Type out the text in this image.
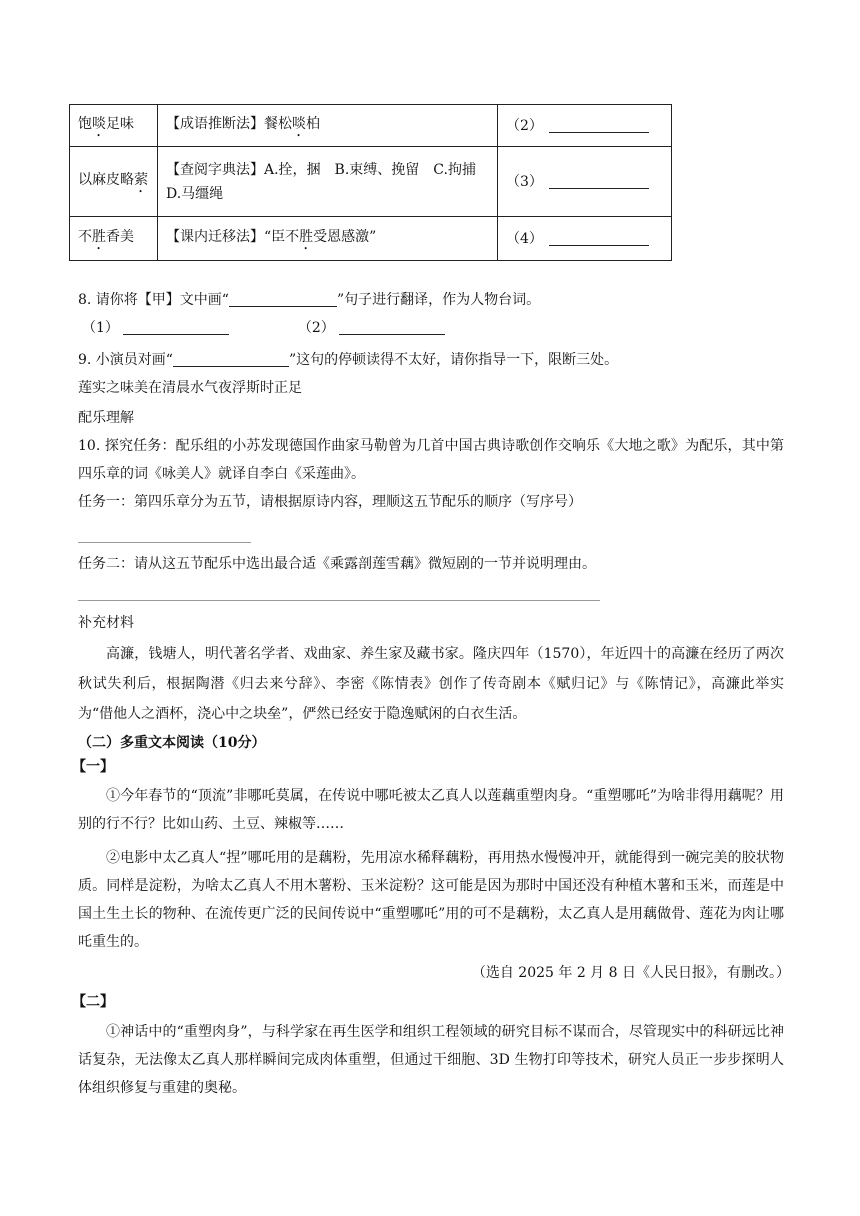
饱啖足味	【成语推断法】餐松啖柏	（2）
以麻皮略萦	【查阅字典法】A.拴，捆　B.束缚、挽留　C.拘捕　D.马缰绳	（3）
不胜香美	【课内迁移法】“臣不胜受恩感激”	（4）
8. 请你将【甲】文中画“	”句子进行翻译，作为人物台词。
（1）	（2）
9. 小演员对画“	”这句的停顿读得不太好，请你指导一下，限断三处。
莲实之味美在清晨水气夜浮斯时正足
配乐理解
10. 探究任务：配乐组的小苏发现德国作曲家马勒曾为几首中国古典诗歌创作交响乐《大地之歌》为配乐，其中第四乐章的词《咏美人》就译自李白《采莲曲》。
任务一：第四乐章分为五节，请根据原诗内容，理顺这五节配乐的顺序（写序号）
任务二：请从这五节配乐中选出最合适《乘露剖莲雪藕》微短剧的一节并说明理由。
补充材料
高濂，钱塘人，明代著名学者、戏曲家、养生家及藏书家。隆庆四年（1570），年近四十的高濂在经历了两次秋试失利后，根据陶潜《归去来兮辞》、李密《陈情表》创作了传奇剧本《赋归记》与《陈情记》，高濂此举实为“借他人之酒杯，浇心中之块垒”，俨然已经安于隐逸赋闲的白衣生活。
（二）多重文本阅读（10分）
【一】
①今年春节的“顶流”非哪吒莫属，在传说中哪吒被太乙真人以莲藕重塑肉身。“重塑哪吒”为啥非得用藕呢？用别的行不行？比如山药、土豆、辣椒等……
②电影中太乙真人“捏”哪吒用的是藕粉，先用凉水稀释藕粉，再用热水慢慢冲开，就能得到一碗完美的胶状物质。同样是淀粉，为啥太乙真人不用木薯粉、玉米淀粉？这可能是因为那时中国还没有种植木薯和玉米，而莲是中国土生土长的物种、在流传更广泛的民间传说中“重塑哪吒”用的可不是藕粉，太乙真人是用藕做骨、莲花为肉让哪吒重生的。
（选自 2025 年 2 月 8 日《人民日报》，有删改。）
【二】
①神话中的“重塑肉身”，与科学家在再生医学和组织工程领域的研究目标不谋而合，尽管现实中的科研远比神话复杂，无法像太乙真人那样瞬间完成肉体重塑，但通过干细胞、3D 生物打印等技术，研究人员正一步步探明人体组织修复与重建的奥秘。
